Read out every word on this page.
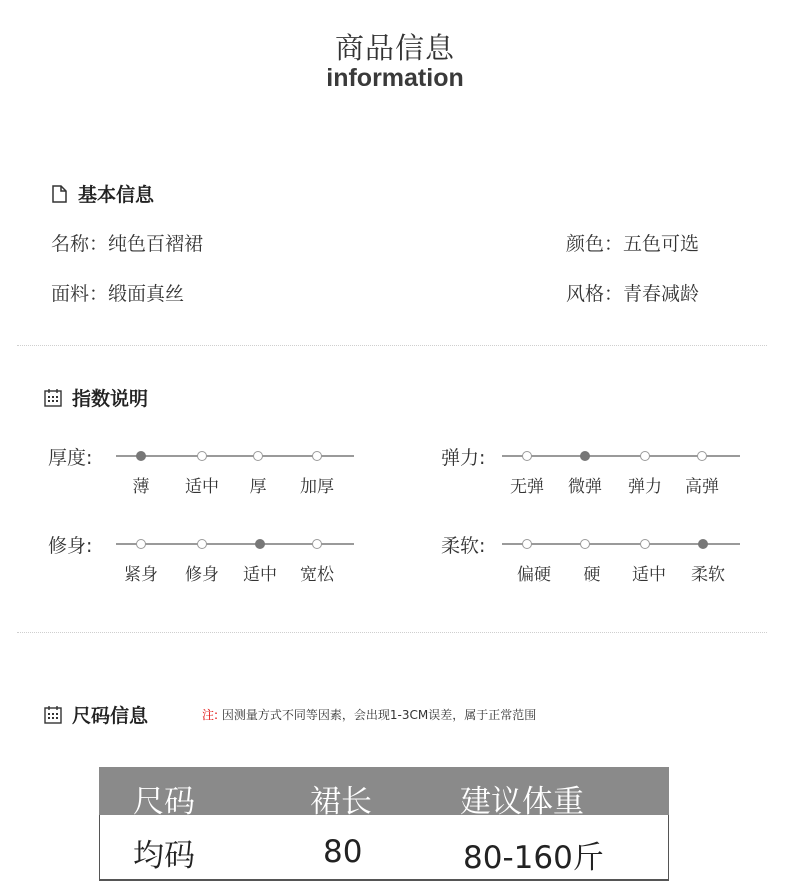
商品信息
information
基本信息
名称：纯色百褶裙	颜色：五色可选
面料：缎面真丝	风格：青春减龄
指数说明
厚度:
薄	适中	厚	加厚
弹力:
无弹	微弹	弹力	高弹
修身:
紧身	修身	适中	宽松
柔软:
偏硬	硬	适中	柔软
尺码信息	注: 因测量方式不同等因素，会出现1-3CM误差，属于正常范围
尺码	裙长	建议体重
均码	80	80-160斤
